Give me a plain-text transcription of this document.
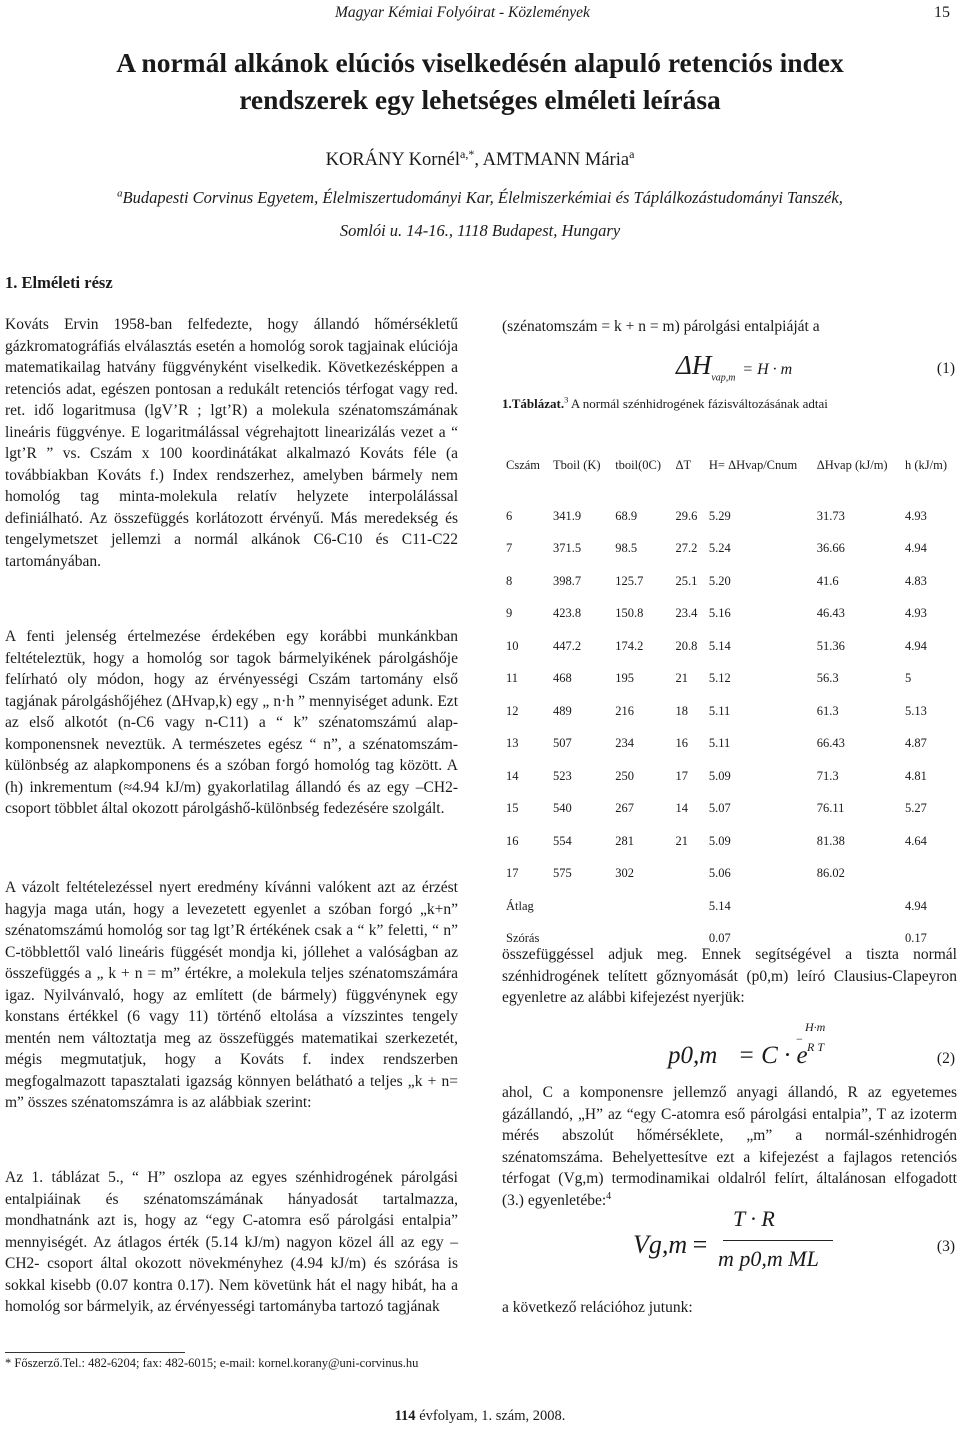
Magyar Kémiai Folyóirat - Közlemények	15
A normál alkánok elúciós viselkedésén alapuló retenciós index
rendszerek egy lehetséges elméleti leírása
KORÁNY Kornél$^{a,*}$, AMTMANN Mária$^a$
$^a$Budapesti Corvinus Egyetem, Élelmiszertudományi Kar, Élelmiszerkémiai és Táplálkozástudományi Tanszék,
Somlói u. 14-16., 1118 Budapest, Hungary
1. Elméleti rész
Kováts Ervin 1958-ban felfedezte, hogy állandó hőmérsékletű gázkromatográfiás elválasztás esetén a homológ sorok tagjainak elúciója matematikailag hatvány függvényként viselkedik. Következésképpen a retenciós adat, egészen pontosan a redukált retenciós térfogat vagy red. ret. idő logaritmusa (lgV’R ; lgt’R) a molekula szénatomszámának lineáris függvénye. E logaritmálással végrehajtott linearizálás vezet a “ lgt’R ” vs. Cszám x 100 koordinátákat alkalmazó Kováts féle (a továbbiakban Kováts f.) Index rendszerhez, amelyben bármely nem homológ tag minta-molekula relatív helyzete interpolálással definiálható. Az összefüggés korlátozott érvényű. Más meredekség és tengelymetszet jellemzi a normál alkánok C6-C10 és C11-C22 tartományában.
A fenti jelenség értelmezése érdekében egy korábbi munkánkban feltételeztük, hogy a homológ sor tagok bármelyikének párolgáshője felírható oly módon, hogy az érvényességi Cszám tartomány első tagjának párolgáshőjéhez (ΔHvap,k) egy „ n·h ” mennyiséget adunk. Ezt az első alkotót (n-C6 vagy n-C11) a “ k” szénatomszámú alap-komponensnek neveztük. A természetes egész “ n”, a szénatomszám-különbség az alapkomponens és a szóban forgó homológ tag között. A (h) inkrementum (≈4.94 kJ/m) gyakorlatilag állandó és az egy –CH2- csoport többlet által okozott párolgáshő-különbség fedezésére szolgált.
A vázolt feltételezéssel nyert eredmény kívánni valókent azt az érzést hagyja maga után, hogy a levezetett egyenlet a szóban forgó „k+n” szénatomszámú homológ sor tag lgt’R értékének csak a “ k” feletti, “ n” C-többlettől való lineáris függését mondja ki, jóllehet a valóságban az összefüggés a „ k + n = m” értékre, a molekula teljes szénatomszámára igaz. Nyilvánvaló, hogy az említett (de bármely) függvénynek egy konstans értékkel (6 vagy 11) történő eltolása a vízszintes tengely mentén nem változtatja meg az összefüggés matematikai szerkezetét, mégis megmutatjuk, hogy a Kováts f. index rendszerben megfogalmazott tapasztalati igazság könnyen belátható a teljes „k + n= m” összes szénatomszámra is az alábbiak szerint:
Az 1. táblázat 5., “ H” oszlopa az egyes szénhidrogének párolgási entalpiáinak és szénatomszámának hányadosát tartalmazza, mondhatnánk azt is, hogy az “egy C-atomra eső párolgási entalpia” mennyiségét. Az átlagos érték (5.14 kJ/m) nagyon közel áll az egy –CH2- csoport által okozott növekményhez (4.94 kJ/m) és szórása is sokkal kisebb (0.07 kontra 0.17). Nem kövеtünk hát el nagy hibát, ha a homológ sor bármelyik, az érvényességi tartományba tartozó tagjának
(szénatomszám = k + n = m) párolgási entalpiáját a
$\Delta H_{vap,m} = H \cdot m$	(1)
1.Táblázat.$^3$ A normál szénhidrogének fázisváltozásának adtai
Cszám	Tboil (K)	tboil(0C)	ΔT	H= ΔHvap/Cnum	ΔHvap (kJ/m)	h (kJ/m)
6	341.9	68.9	29.6	5.29	31.73	4.93
7	371.5	98.5	27.2	5.24	36.66	4.94
8	398.7	125.7	25.1	5.20	41.6	4.83
9	423.8	150.8	23.4	5.16	46.43	4.93
10	447.2	174.2	20.8	5.14	51.36	4.94
11	468	195	21	5.12	56.3	5
12	489	216	18	5.11	61.3	5.13
13	507	234	16	5.11	66.43	4.87
14	523	250	17	5.09	71.3	4.81
15	540	267	14	5.07	76.11	5.27
16	554	281	21	5.09	81.38	4.64
17	575	302		5.06	86.02	
Átlag				5.14		4.94
Szórás				0.07		0.17
összefüggéssel adjuk meg. Ennek segítségével a tiszta normál szénhidrogének telített gőznyomását (p0,m) leíró Clausius-Clapeyron egyenletre az alábbi kifejezést nyerjük:
p0,m = C · e
−
H·m
R T
(2)
ahol, C a komponensre jellemző anyagi állandó, R az egyetemes gázállandó, „H” az “egy C-atomra eső párolgási entalpia”, T az izoterm mérés abszolút hőmérséklete, „m” a normál-szénhidrogén szénatomszáma. Behelyettesítve ezt a kifejezést a fajlagos retenciós térfogat (Vg,m) termodinamikai oldalról felírt, általánosan elfogadott (3.) egyenletébe:$^4$
Vg,m =
T · R
m p0,m ML	(3)
a következő relációhoz jutunk:
* Főszerző.Tel.: 482-6204; fax: 482-6015; e-mail: kornel.korany@uni-corvinus.hu
114 évfolyam, 1. szám, 2008.
